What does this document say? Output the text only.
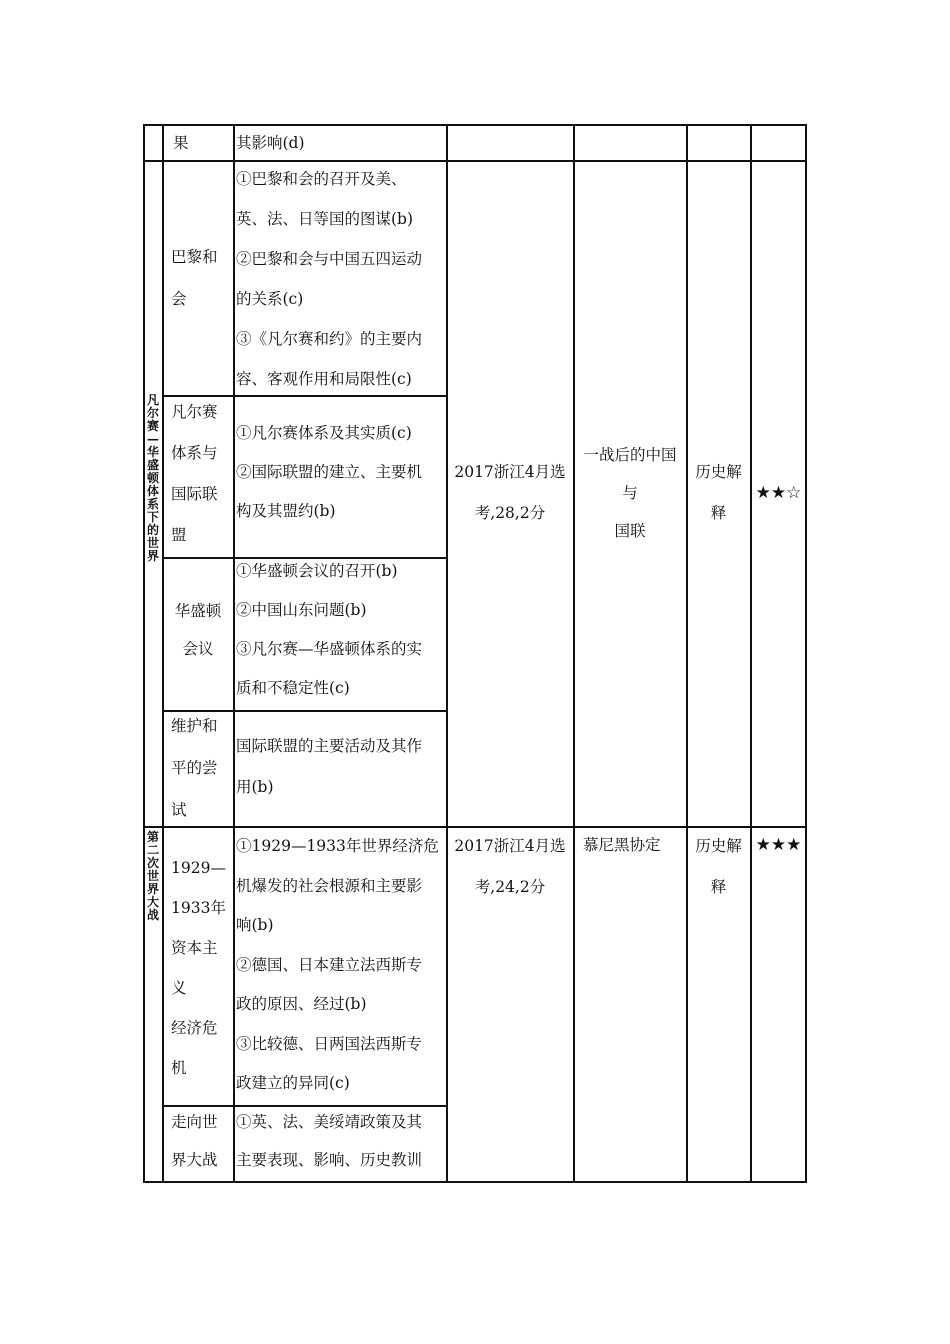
果	其影响(d)
凡
尔
赛
—
华
盛
顿
体
系
下
的
世
界
巴黎和
会
①巴黎和会的召开及美、
英、法、日等国的图谋(b)
②巴黎和会与中国五四运动
的关系(c)
③《凡尔赛和约》的主要内
容、客观作用和局限性(c)
凡尔赛
体系与
国际联
盟
①凡尔赛体系及其实质(c)
②国际联盟的建立、主要机
构及其盟约(b)
华盛顿
会议
①华盛顿会议的召开(b)
②中国山东问题(b)
③凡尔赛—华盛顿体系的实
质和不稳定性(c)
维护和
平的尝
试
国际联盟的主要活动及其作
用(b)
2017浙江4月选
考,28,2分
一战后的中国
与
国联
历史解
释
★★☆
第
二
次
世
界
大
战
1929—
1933年
资本主
义
经济危
机
①1929—1933年世界经济危
机爆发的社会根源和主要影
响(b)
②德国、日本建立法西斯专
政的原因、经过(b)
③比较德、日两国法西斯专
政建立的异同(c)
走向世
界大战
①英、法、美绥靖政策及其
主要表现、影响、历史教训
2017浙江4月选
考,24,2分
慕尼黑协定	历史解
释
★★★
